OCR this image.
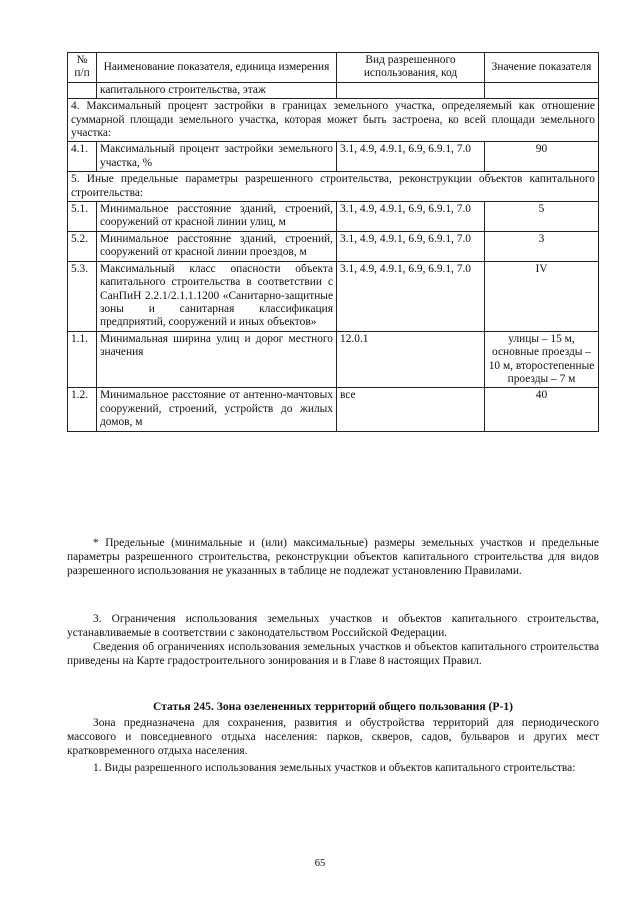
№ п/п	Наименование показателя, единица измерения	Вид разрешенного использования, код	Значение показателя
	капитального строительства, этаж		
4. Максимальный процент застройки в границах земельного участка, определяемый как отношение суммарной площади земельного участка, которая может быть застроена, ко всей площади земельного участка:			
4.1.	Максимальный процент застройки земельного участка, %	3.1, 4.9, 4.9.1, 6.9, 6.9.1, 7.0	90
5. Иные предельные параметры разрешенного строительства, реконструкции объектов капитального строительства:			
5.1.	Минимальное расстояние зданий, строений, сооружений от красной линии улиц, м	3.1, 4.9, 4.9.1, 6.9, 6.9.1, 7.0	5
5.2.	Минимальное расстояние зданий, строений, сооружений от красной линии проездов, м	3.1, 4.9, 4.9.1, 6.9, 6.9.1, 7.0	3
5.3.	Максимальный класс опасности объекта капитального строительства в соответствии с СанПиН 2.2.1/2.1.1.1200 «Санитарно-защитные зоны и санитарная классификация предприятий, сооружений и иных объектов»	3.1, 4.9, 4.9.1, 6.9, 6.9.1, 7.0	IV
1.1.	Минимальная ширина улиц и дорог местного значения	12.0.1	улицы – 15 м, основные проезды – 10 м, второстепенные проезды – 7 м
1.2.	Минимальное расстояние от антенно-мачтовых сооружений, строений, устройств до жилых домов, м	все	40

* Предельные (минимальные и (или) максимальные) размеры земельных участков и предельные параметры разрешенного строительства, реконструкции объектов капитального строительства для видов разрешенного использования не указанных в таблице не подлежат установлению Правилами.

3. Ограничения использования земельных участков и объектов капитального строительства, устанавливаемые в соответствии с законодательством Российской Федерации.

Сведения об ограничениях использования земельных участков и объектов капитального строительства приведены на Карте градостроительного зонирования и в Главе 8 настоящих Правил.

Статья 245. Зона озелененных территорий общего пользования (Р-1)

Зона предназначена для сохранения, развития и обустройства территорий для периодического массового и повседневного отдыха населения: парков, скверов, садов, бульваров и других мест кратковременного отдыха населения.

1. Виды разрешенного использования земельных участков и объектов капитального строительства:

65
